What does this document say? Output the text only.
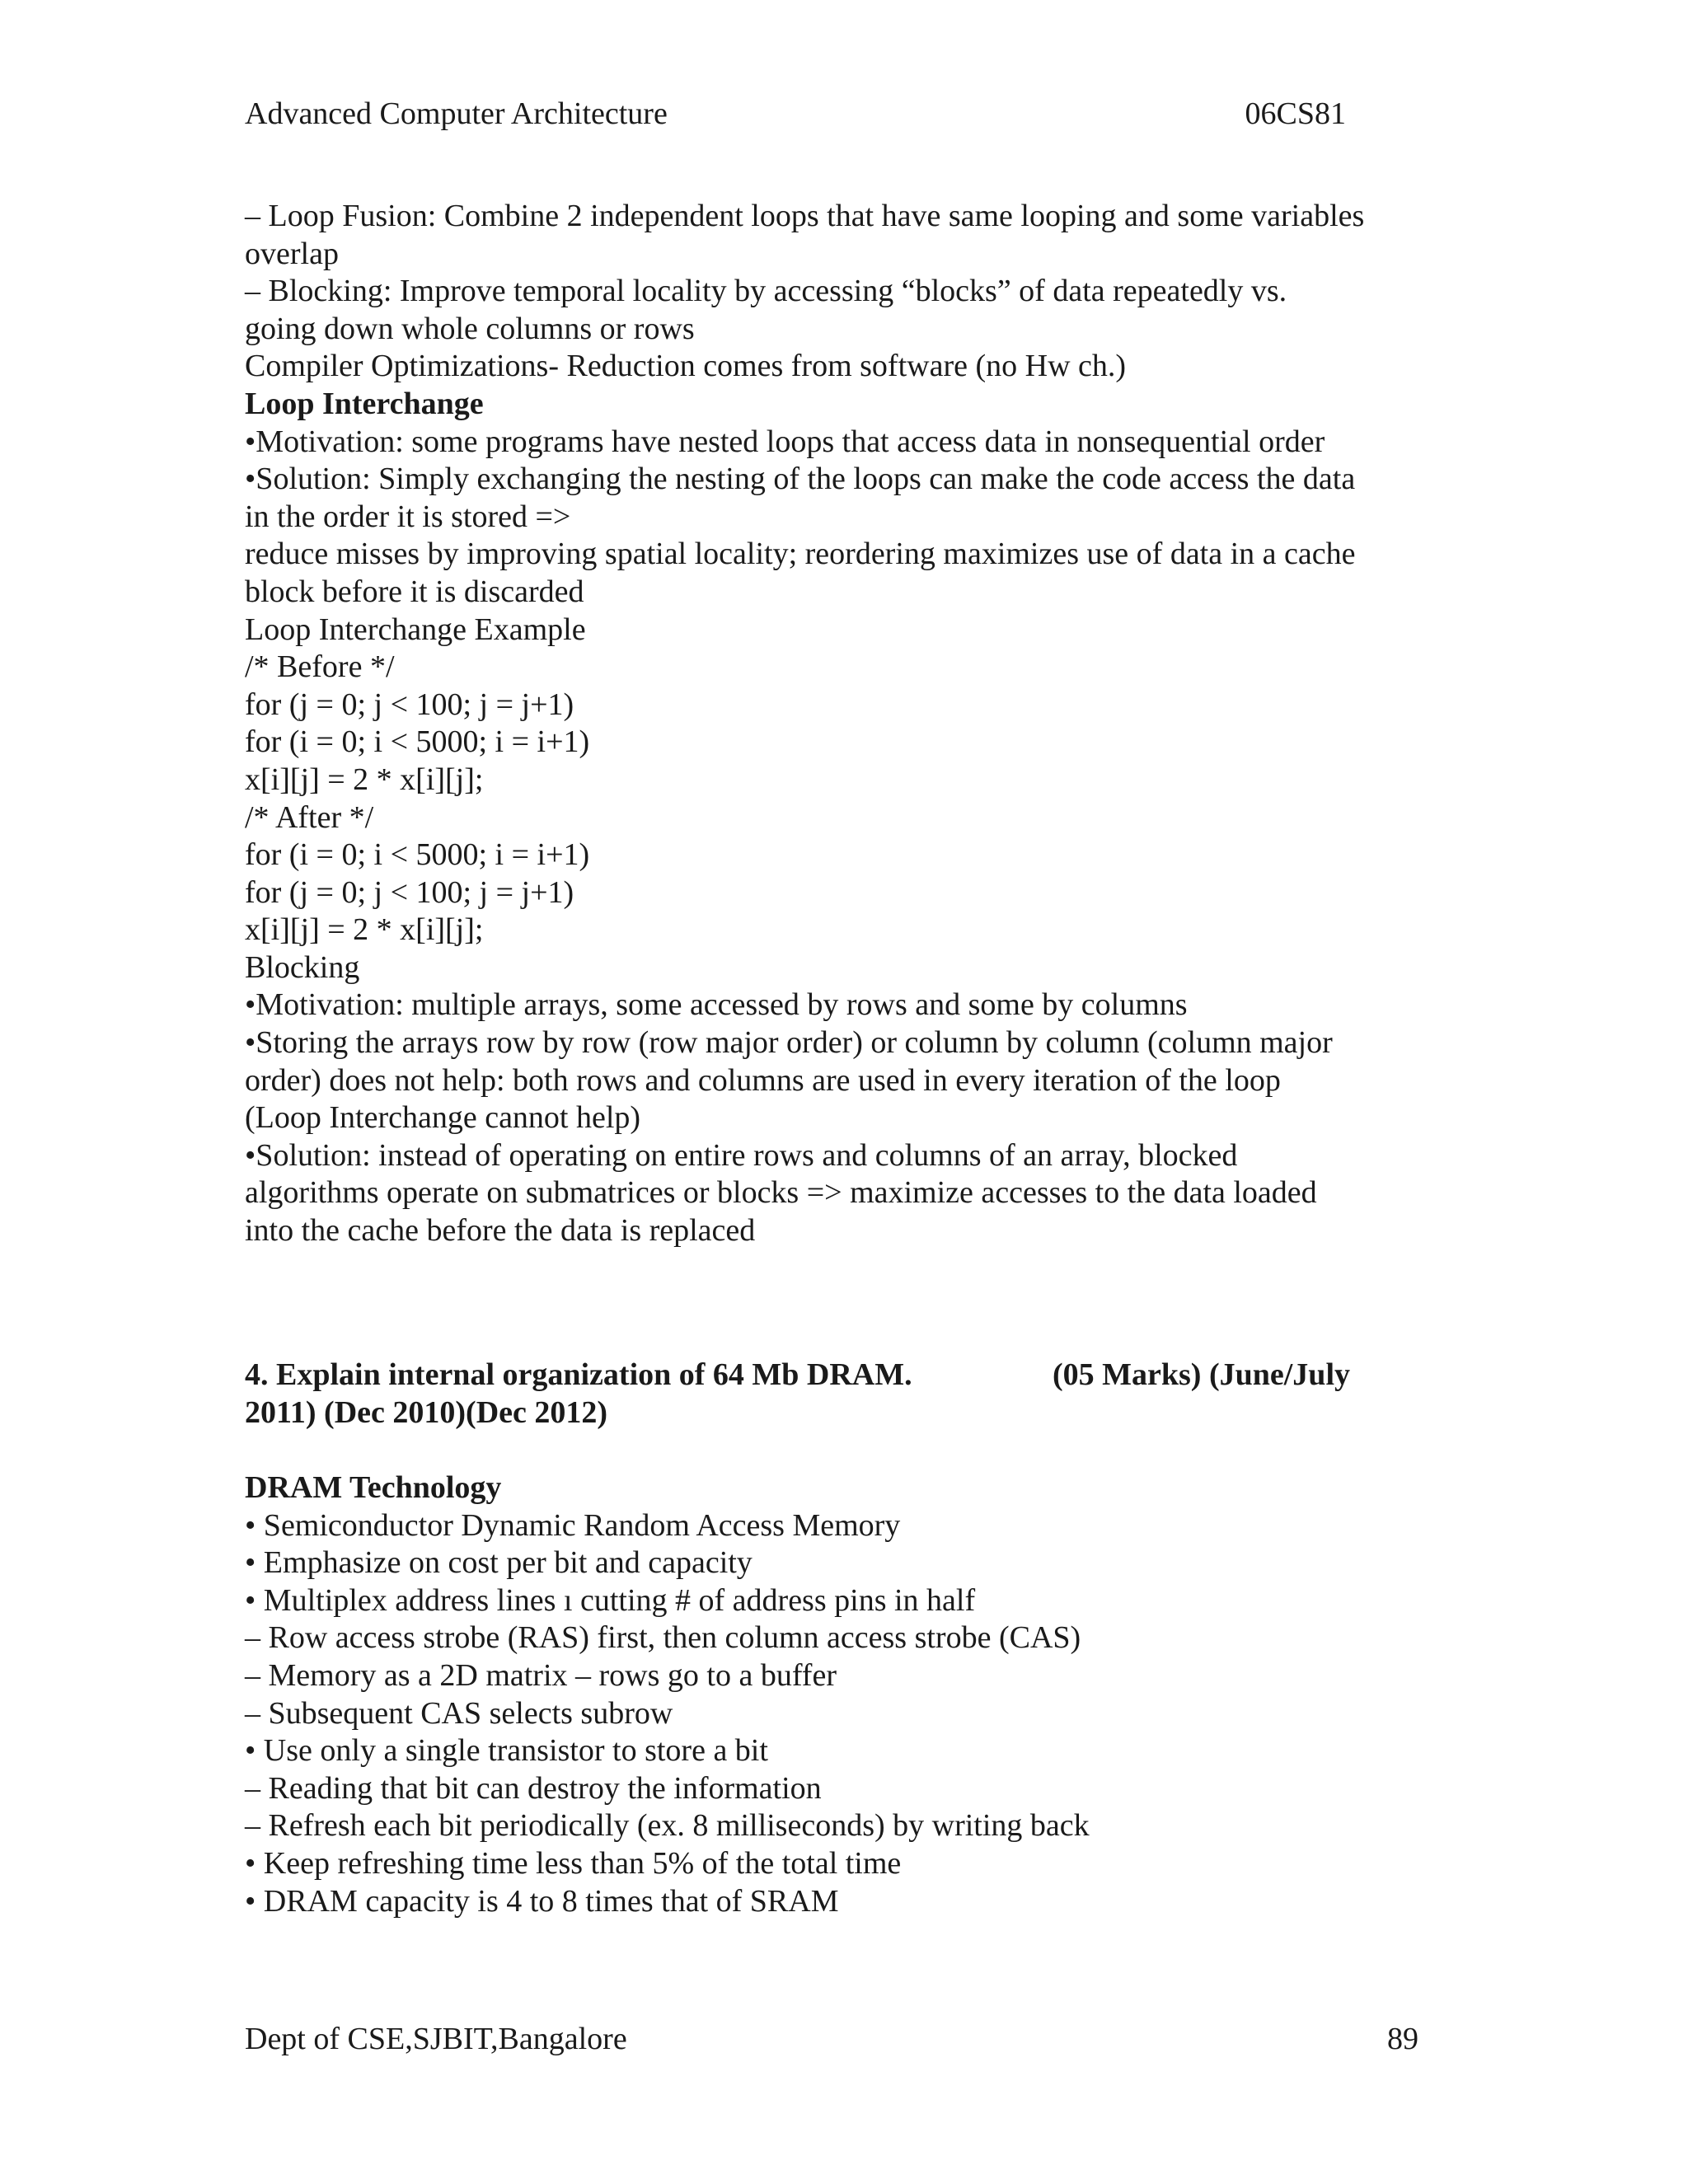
Advanced Computer Architecture	06CS81
– Loop Fusion: Combine 2 independent loops that have same looping and some variables
overlap
– Blocking: Improve temporal locality by accessing “blocks” of data repeatedly vs.
going down whole columns or rows
Compiler Optimizations- Reduction comes from software (no Hw ch.)
Loop Interchange
•Motivation: some programs have nested loops that access data in nonsequential order
•Solution: Simply exchanging the nesting of the loops can make the code access the data
in the order it is stored =>
reduce misses by improving spatial locality; reordering maximizes use of data in a cache
block before it is discarded
Loop Interchange Example
/* Before */
for (j = 0; j < 100; j = j+1)
for (i = 0; i < 5000; i = i+1)
x[i][j] = 2 * x[i][j];
/* After */
for (i = 0; i < 5000; i = i+1)
for (j = 0; j < 100; j = j+1)
x[i][j] = 2 * x[i][j];
Blocking
•Motivation: multiple arrays, some accessed by rows and some by columns
•Storing the arrays row by row (row major order) or column by column (column major
order) does not help: both rows and columns are used in every iteration of the loop
(Loop Interchange cannot help)
•Solution: instead of operating on entire rows and columns of an array, blocked
algorithms operate on submatrices or blocks => maximize accesses to the data loaded
into the cache before the data is replaced
4. Explain internal organization of 64 Mb DRAM.	(05 Marks) (June/July
2011) (Dec 2010)(Dec 2012)
DRAM Technology
• Semiconductor Dynamic Random Access Memory
• Emphasize on cost per bit and capacity
• Multiplex address lines ı cutting # of address pins in half
– Row access strobe (RAS) first, then column access strobe (CAS)
– Memory as a 2D matrix – rows go to a buffer
– Subsequent CAS selects subrow
• Use only a single transistor to store a bit
– Reading that bit can destroy the information
– Refresh each bit periodically (ex. 8 milliseconds) by writing back
• Keep refreshing time less than 5% of the total time
• DRAM capacity is 4 to 8 times that of SRAM
Dept of CSE,SJBIT,Bangalore	89
